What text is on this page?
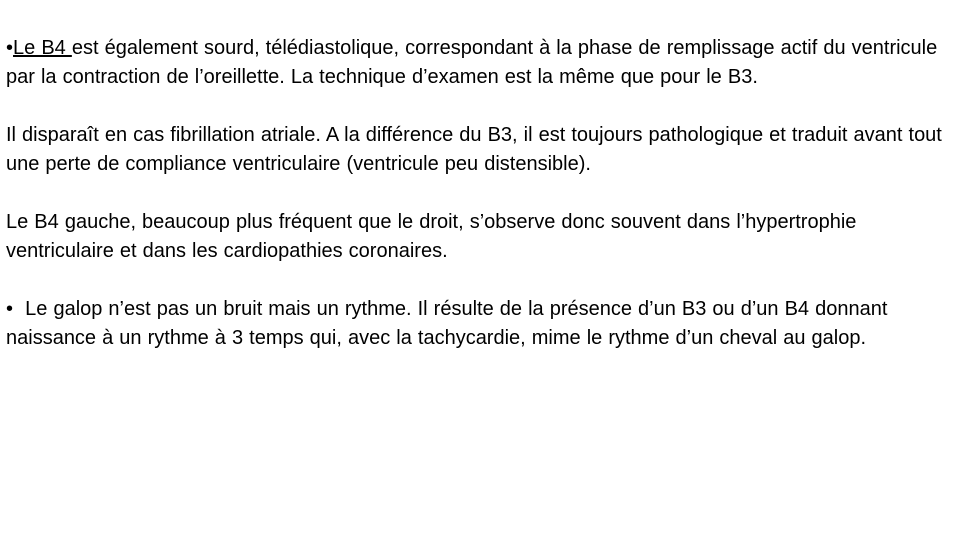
•Le B4 est également sourd, télédiastolique, correspondant à la phase de remplissage actif du ventricule par la contraction de l’oreillette. La technique d’examen est la même que pour le B3.

Il disparaît en cas fibrillation atriale. A la différence du B3, il est toujours pathologique et traduit avant tout une perte de compliance ventriculaire (ventricule peu distensible).

Le B4 gauche, beaucoup plus fréquent que le droit, s’observe donc souvent dans l’hypertrophie ventriculaire et dans les cardiopathies coronaires.

• Le galop n’est pas un bruit mais un rythme. Il résulte de la présence d’un B3 ou d’un B4 donnant naissance à un rythme à 3 temps qui, avec la tachycardie, mime le rythme d’un cheval au galop.
